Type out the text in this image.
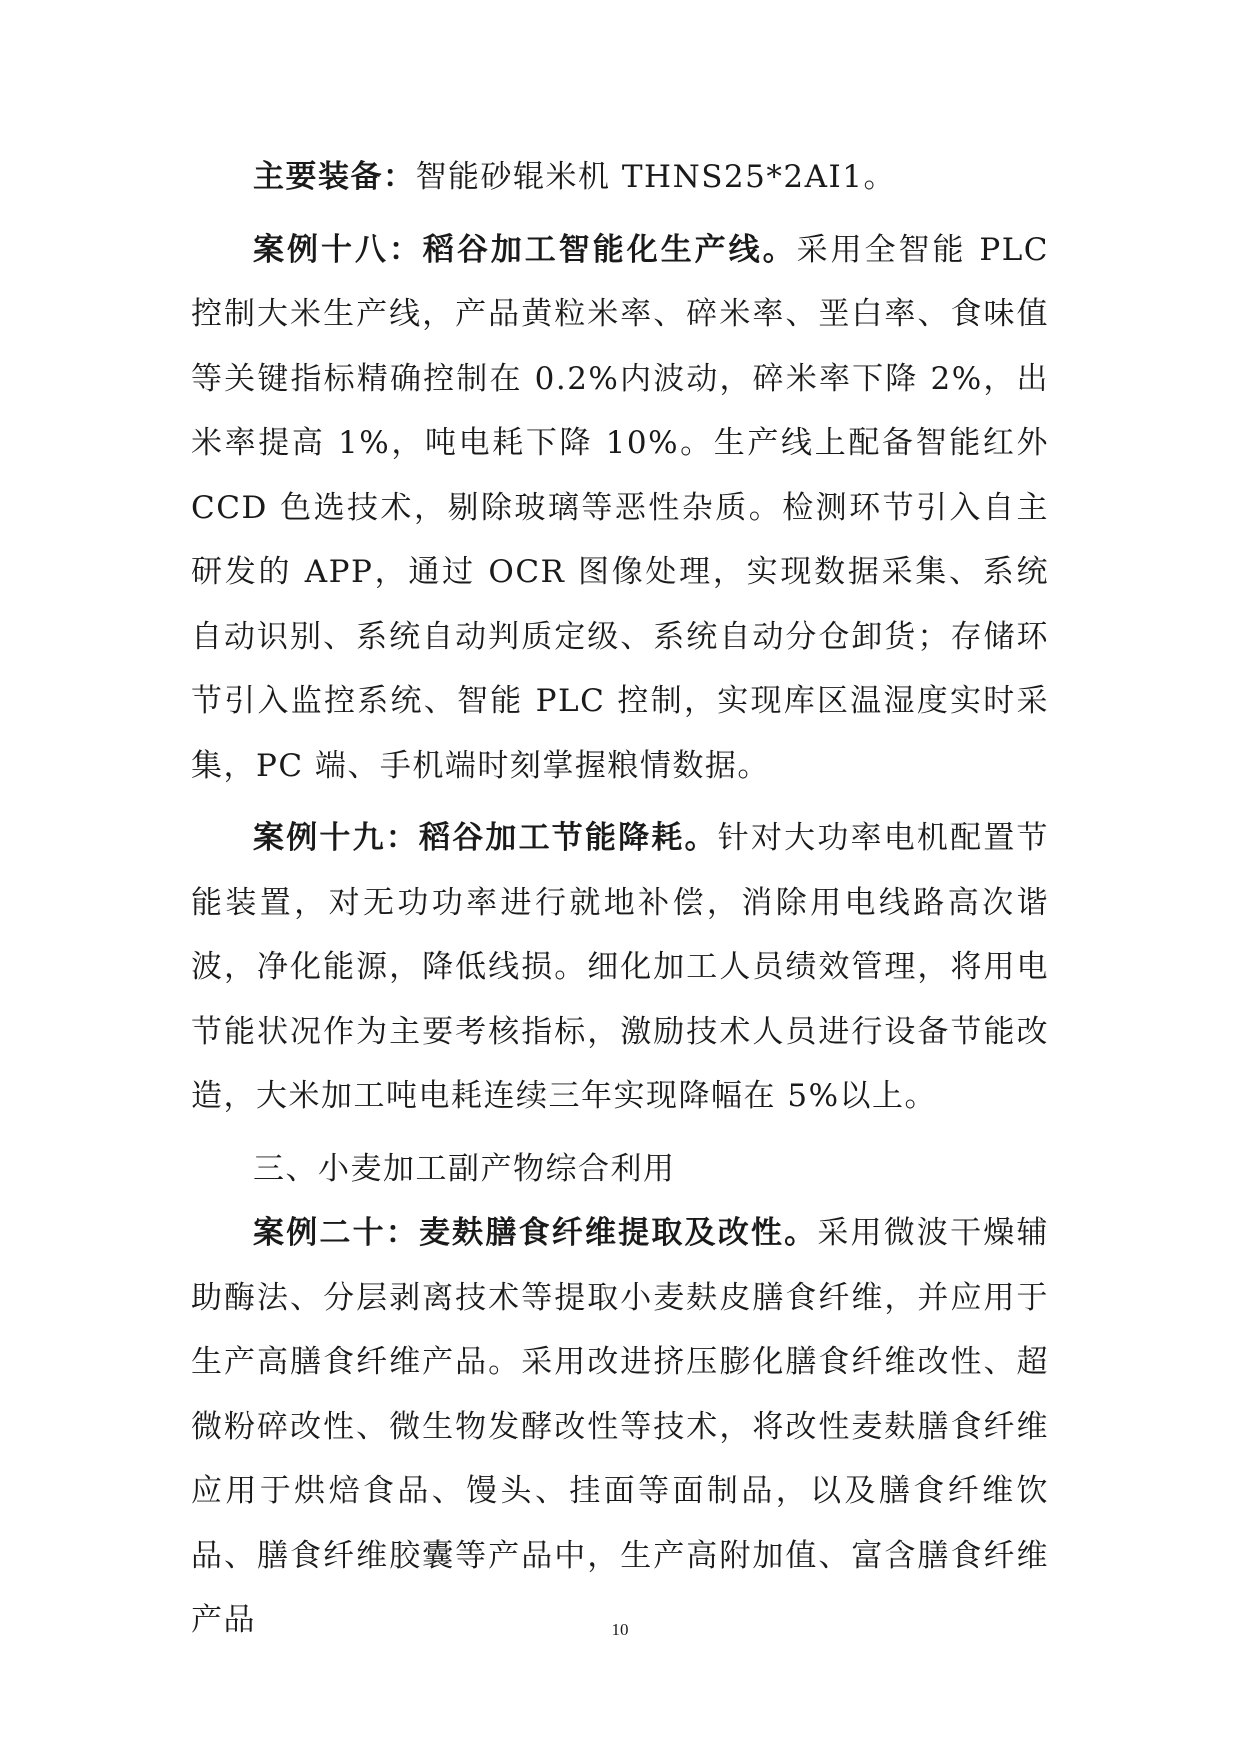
主要装备：智能砂辊米机 THNS25*2AI1。

案例十八：稻谷加工智能化生产线。采用全智能 PLC 控制大米生产线，产品黄粒米率、碎米率、垩白率、食味值等关键指标精确控制在 0.2%内波动，碎米率下降 2%，出米率提高 1%，吨电耗下降 10%。生产线上配备智能红外 CCD 色选技术，剔除玻璃等恶性杂质。检测环节引入自主研发的 APP，通过 OCR 图像处理，实现数据采集、系统自动识别、系统自动判质定级、系统自动分仓卸货；存储环节引入监控系统、智能 PLC 控制，实现库区温湿度实时采集，PC 端、手机端时刻掌握粮情数据。

案例十九：稻谷加工节能降耗。针对大功率电机配置节能装置，对无功功率进行就地补偿，消除用电线路高次谐波，净化能源，降低线损。细化加工人员绩效管理，将用电节能状况作为主要考核指标，激励技术人员进行设备节能改造，大米加工吨电耗连续三年实现降幅在 5%以上。

三、小麦加工副产物综合利用

案例二十：麦麸膳食纤维提取及改性。采用微波干燥辅助酶法、分层剥离技术等提取小麦麸皮膳食纤维，并应用于生产高膳食纤维产品。采用改进挤压膨化膳食纤维改性、超微粉碎改性、微生物发酵改性等技术，将改性麦麸膳食纤维应用于烘焙食品、馒头、挂面等面制品，以及膳食纤维饮品、膳食纤维胶囊等产品中，生产高附加值、富含膳食纤维产品	10
